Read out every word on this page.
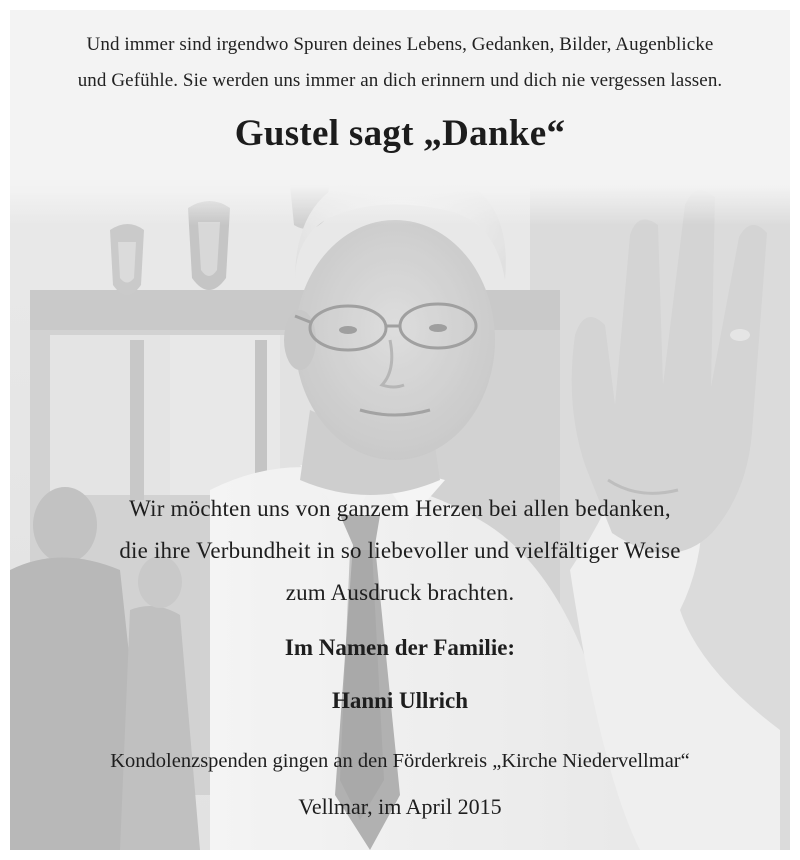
Und immer sind irgendwo Spuren deines Lebens, Gedanken, Bilder, Augenblicke
und Gefühle. Sie werden uns immer an dich erinnern und dich nie vergessen lassen.
Gustel sagt „Danke“
Wir möchten uns von ganzem Herzen bei allen bedanken,
die ihre Verbundheit in so liebevoller und vielfältiger Weise
zum Ausdruck brachten.
Im Namen der Familie:
Hanni Ullrich
Kondolenzspenden gingen an den Förderkreis „Kirche Niedervellmar“
Vellmar, im April 2015
